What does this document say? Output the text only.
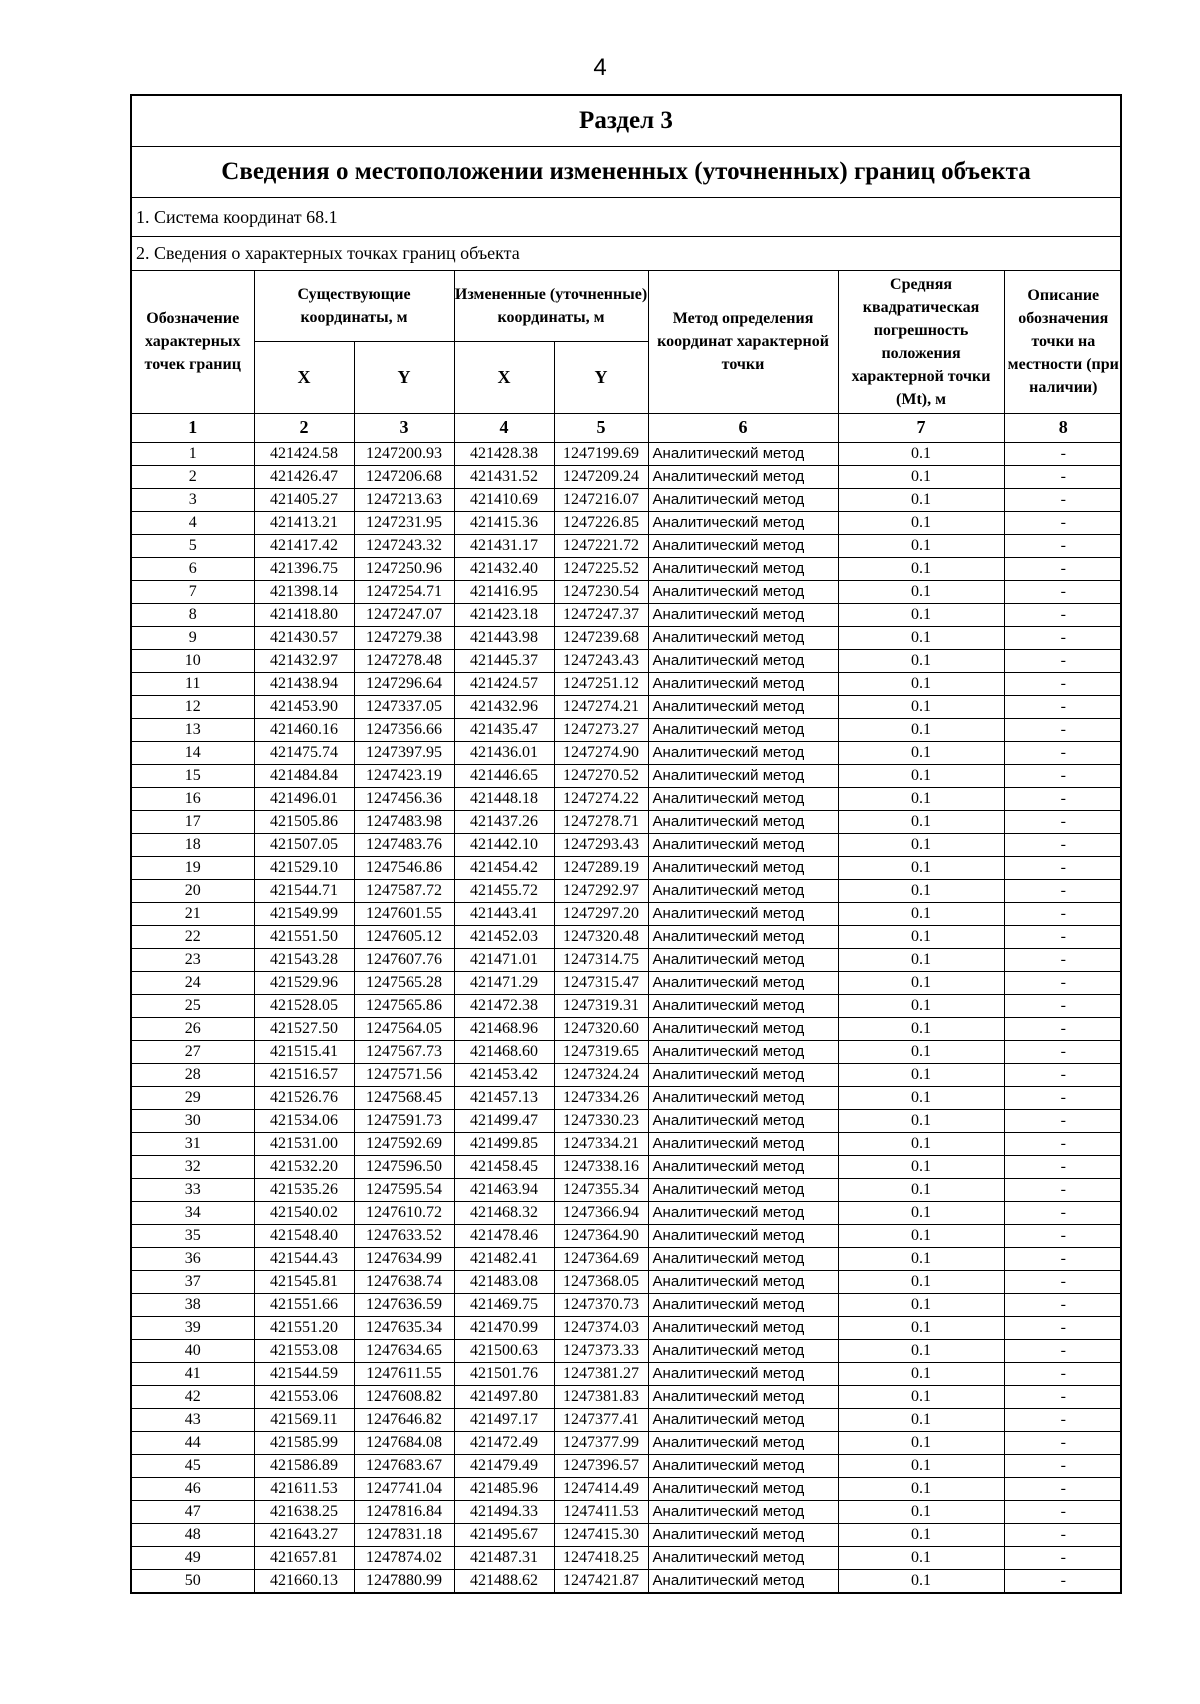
4
Раздел 3
Сведения о местоположении измененных (уточненных) границ объекта
1. Система координат 68.1
2. Сведения о характерных точках границ объекта
Обозначение характерных точек границ	Существующие координаты, м		Измененные (уточненные) координаты, м		Метод определения координат характерной точки	Средняя квадратическая погрешность положения характерной точки (Mt), м	Описание обозначения точки на местности (при наличии)
	X	Y	X	Y			
1	2	3	4	5	6	7	8
1	421424.58	1247200.93	421428.38	1247199.69	Аналитический метод	0.1	-
2	421426.47	1247206.68	421431.52	1247209.24	Аналитический метод	0.1	-
3	421405.27	1247213.63	421410.69	1247216.07	Аналитический метод	0.1	-
4	421413.21	1247231.95	421415.36	1247226.85	Аналитический метод	0.1	-
5	421417.42	1247243.32	421431.17	1247221.72	Аналитический метод	0.1	-
6	421396.75	1247250.96	421432.40	1247225.52	Аналитический метод	0.1	-
7	421398.14	1247254.71	421416.95	1247230.54	Аналитический метод	0.1	-
8	421418.80	1247247.07	421423.18	1247247.37	Аналитический метод	0.1	-
9	421430.57	1247279.38	421443.98	1247239.68	Аналитический метод	0.1	-
10	421432.97	1247278.48	421445.37	1247243.43	Аналитический метод	0.1	-
11	421438.94	1247296.64	421424.57	1247251.12	Аналитический метод	0.1	-
12	421453.90	1247337.05	421432.96	1247274.21	Аналитический метод	0.1	-
13	421460.16	1247356.66	421435.47	1247273.27	Аналитический метод	0.1	-
14	421475.74	1247397.95	421436.01	1247274.90	Аналитический метод	0.1	-
15	421484.84	1247423.19	421446.65	1247270.52	Аналитический метод	0.1	-
16	421496.01	1247456.36	421448.18	1247274.22	Аналитический метод	0.1	-
17	421505.86	1247483.98	421437.26	1247278.71	Аналитический метод	0.1	-
18	421507.05	1247483.76	421442.10	1247293.43	Аналитический метод	0.1	-
19	421529.10	1247546.86	421454.42	1247289.19	Аналитический метод	0.1	-
20	421544.71	1247587.72	421455.72	1247292.97	Аналитический метод	0.1	-
21	421549.99	1247601.55	421443.41	1247297.20	Аналитический метод	0.1	-
22	421551.50	1247605.12	421452.03	1247320.48	Аналитический метод	0.1	-
23	421543.28	1247607.76	421471.01	1247314.75	Аналитический метод	0.1	-
24	421529.96	1247565.28	421471.29	1247315.47	Аналитический метод	0.1	-
25	421528.05	1247565.86	421472.38	1247319.31	Аналитический метод	0.1	-
26	421527.50	1247564.05	421468.96	1247320.60	Аналитический метод	0.1	-
27	421515.41	1247567.73	421468.60	1247319.65	Аналитический метод	0.1	-
28	421516.57	1247571.56	421453.42	1247324.24	Аналитический метод	0.1	-
29	421526.76	1247568.45	421457.13	1247334.26	Аналитический метод	0.1	-
30	421534.06	1247591.73	421499.47	1247330.23	Аналитический метод	0.1	-
31	421531.00	1247592.69	421499.85	1247334.21	Аналитический метод	0.1	-
32	421532.20	1247596.50	421458.45	1247338.16	Аналитический метод	0.1	-
33	421535.26	1247595.54	421463.94	1247355.34	Аналитический метод	0.1	-
34	421540.02	1247610.72	421468.32	1247366.94	Аналитический метод	0.1	-
35	421548.40	1247633.52	421478.46	1247364.90	Аналитический метод	0.1	-
36	421544.43	1247634.99	421482.41	1247364.69	Аналитический метод	0.1	-
37	421545.81	1247638.74	421483.08	1247368.05	Аналитический метод	0.1	-
38	421551.66	1247636.59	421469.75	1247370.73	Аналитический метод	0.1	-
39	421551.20	1247635.34	421470.99	1247374.03	Аналитический метод	0.1	-
40	421553.08	1247634.65	421500.63	1247373.33	Аналитический метод	0.1	-
41	421544.59	1247611.55	421501.76	1247381.27	Аналитический метод	0.1	-
42	421553.06	1247608.82	421497.80	1247381.83	Аналитический метод	0.1	-
43	421569.11	1247646.82	421497.17	1247377.41	Аналитический метод	0.1	-
44	421585.99	1247684.08	421472.49	1247377.99	Аналитический метод	0.1	-
45	421586.89	1247683.67	421479.49	1247396.57	Аналитический метод	0.1	-
46	421611.53	1247741.04	421485.96	1247414.49	Аналитический метод	0.1	-
47	421638.25	1247816.84	421494.33	1247411.53	Аналитический метод	0.1	-
48	421643.27	1247831.18	421495.67	1247415.30	Аналитический метод	0.1	-
49	421657.81	1247874.02	421487.31	1247418.25	Аналитический метод	0.1	-
50	421660.13	1247880.99	421488.62	1247421.87	Аналитический метод	0.1	-
